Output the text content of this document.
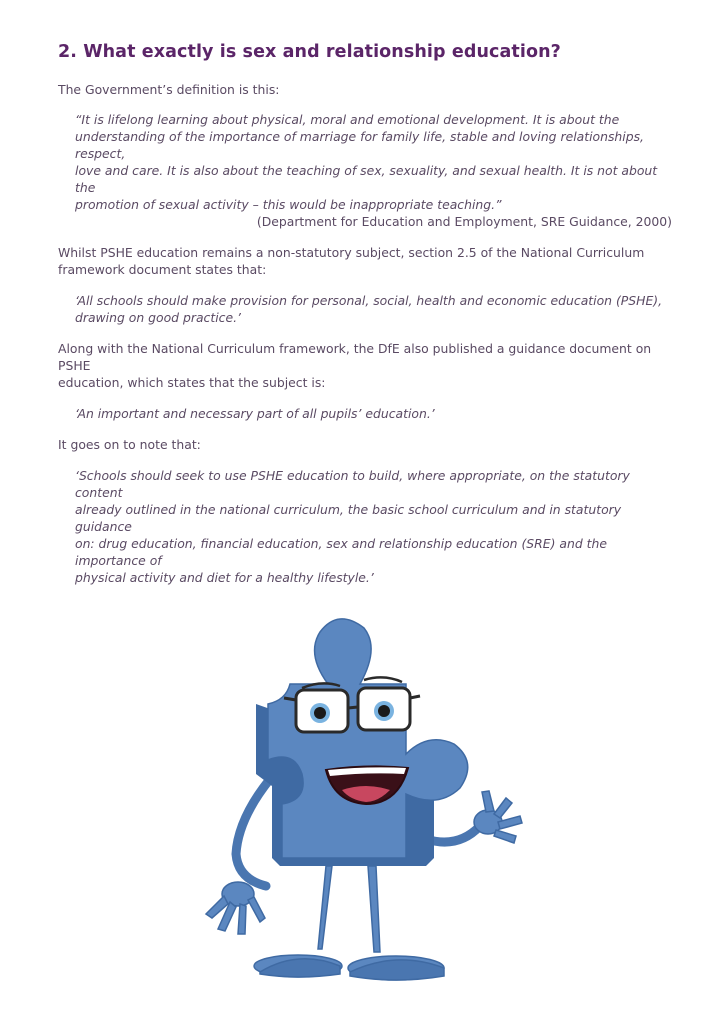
2. What exactly is sex and relationship education?

The Government’s definition is this:

“It is lifelong learning about physical, moral and emotional development. It is about the
understanding of the importance of marriage for family life, stable and loving relationships, respect,
love and care. It is also about the teaching of sex, sexuality, and sexual health. It is not about the
promotion of sexual activity – this would be inappropriate teaching.”
(Department for Education and Employment, SRE Guidance, 2000)

Whilst PSHE education remains a non-statutory subject, section 2.5 of the National Curriculum
framework document states that:

‘All schools should make provision for personal, social, health and economic education (PSHE),
drawing on good practice.’

Along with the National Curriculum framework, the DfE also published a guidance document on PSHE
education, which states that the subject is:

‘An important and necessary part of all pupils’ education.’

It goes on to note that:

‘Schools should seek to use PSHE education to build, where appropriate, on the statutory content
already outlined in the national curriculum, the basic school curriculum and in statutory guidance
on: drug education, financial education, sex and relationship education (SRE) and the importance of
physical activity and diet for a healthy lifestyle.’
